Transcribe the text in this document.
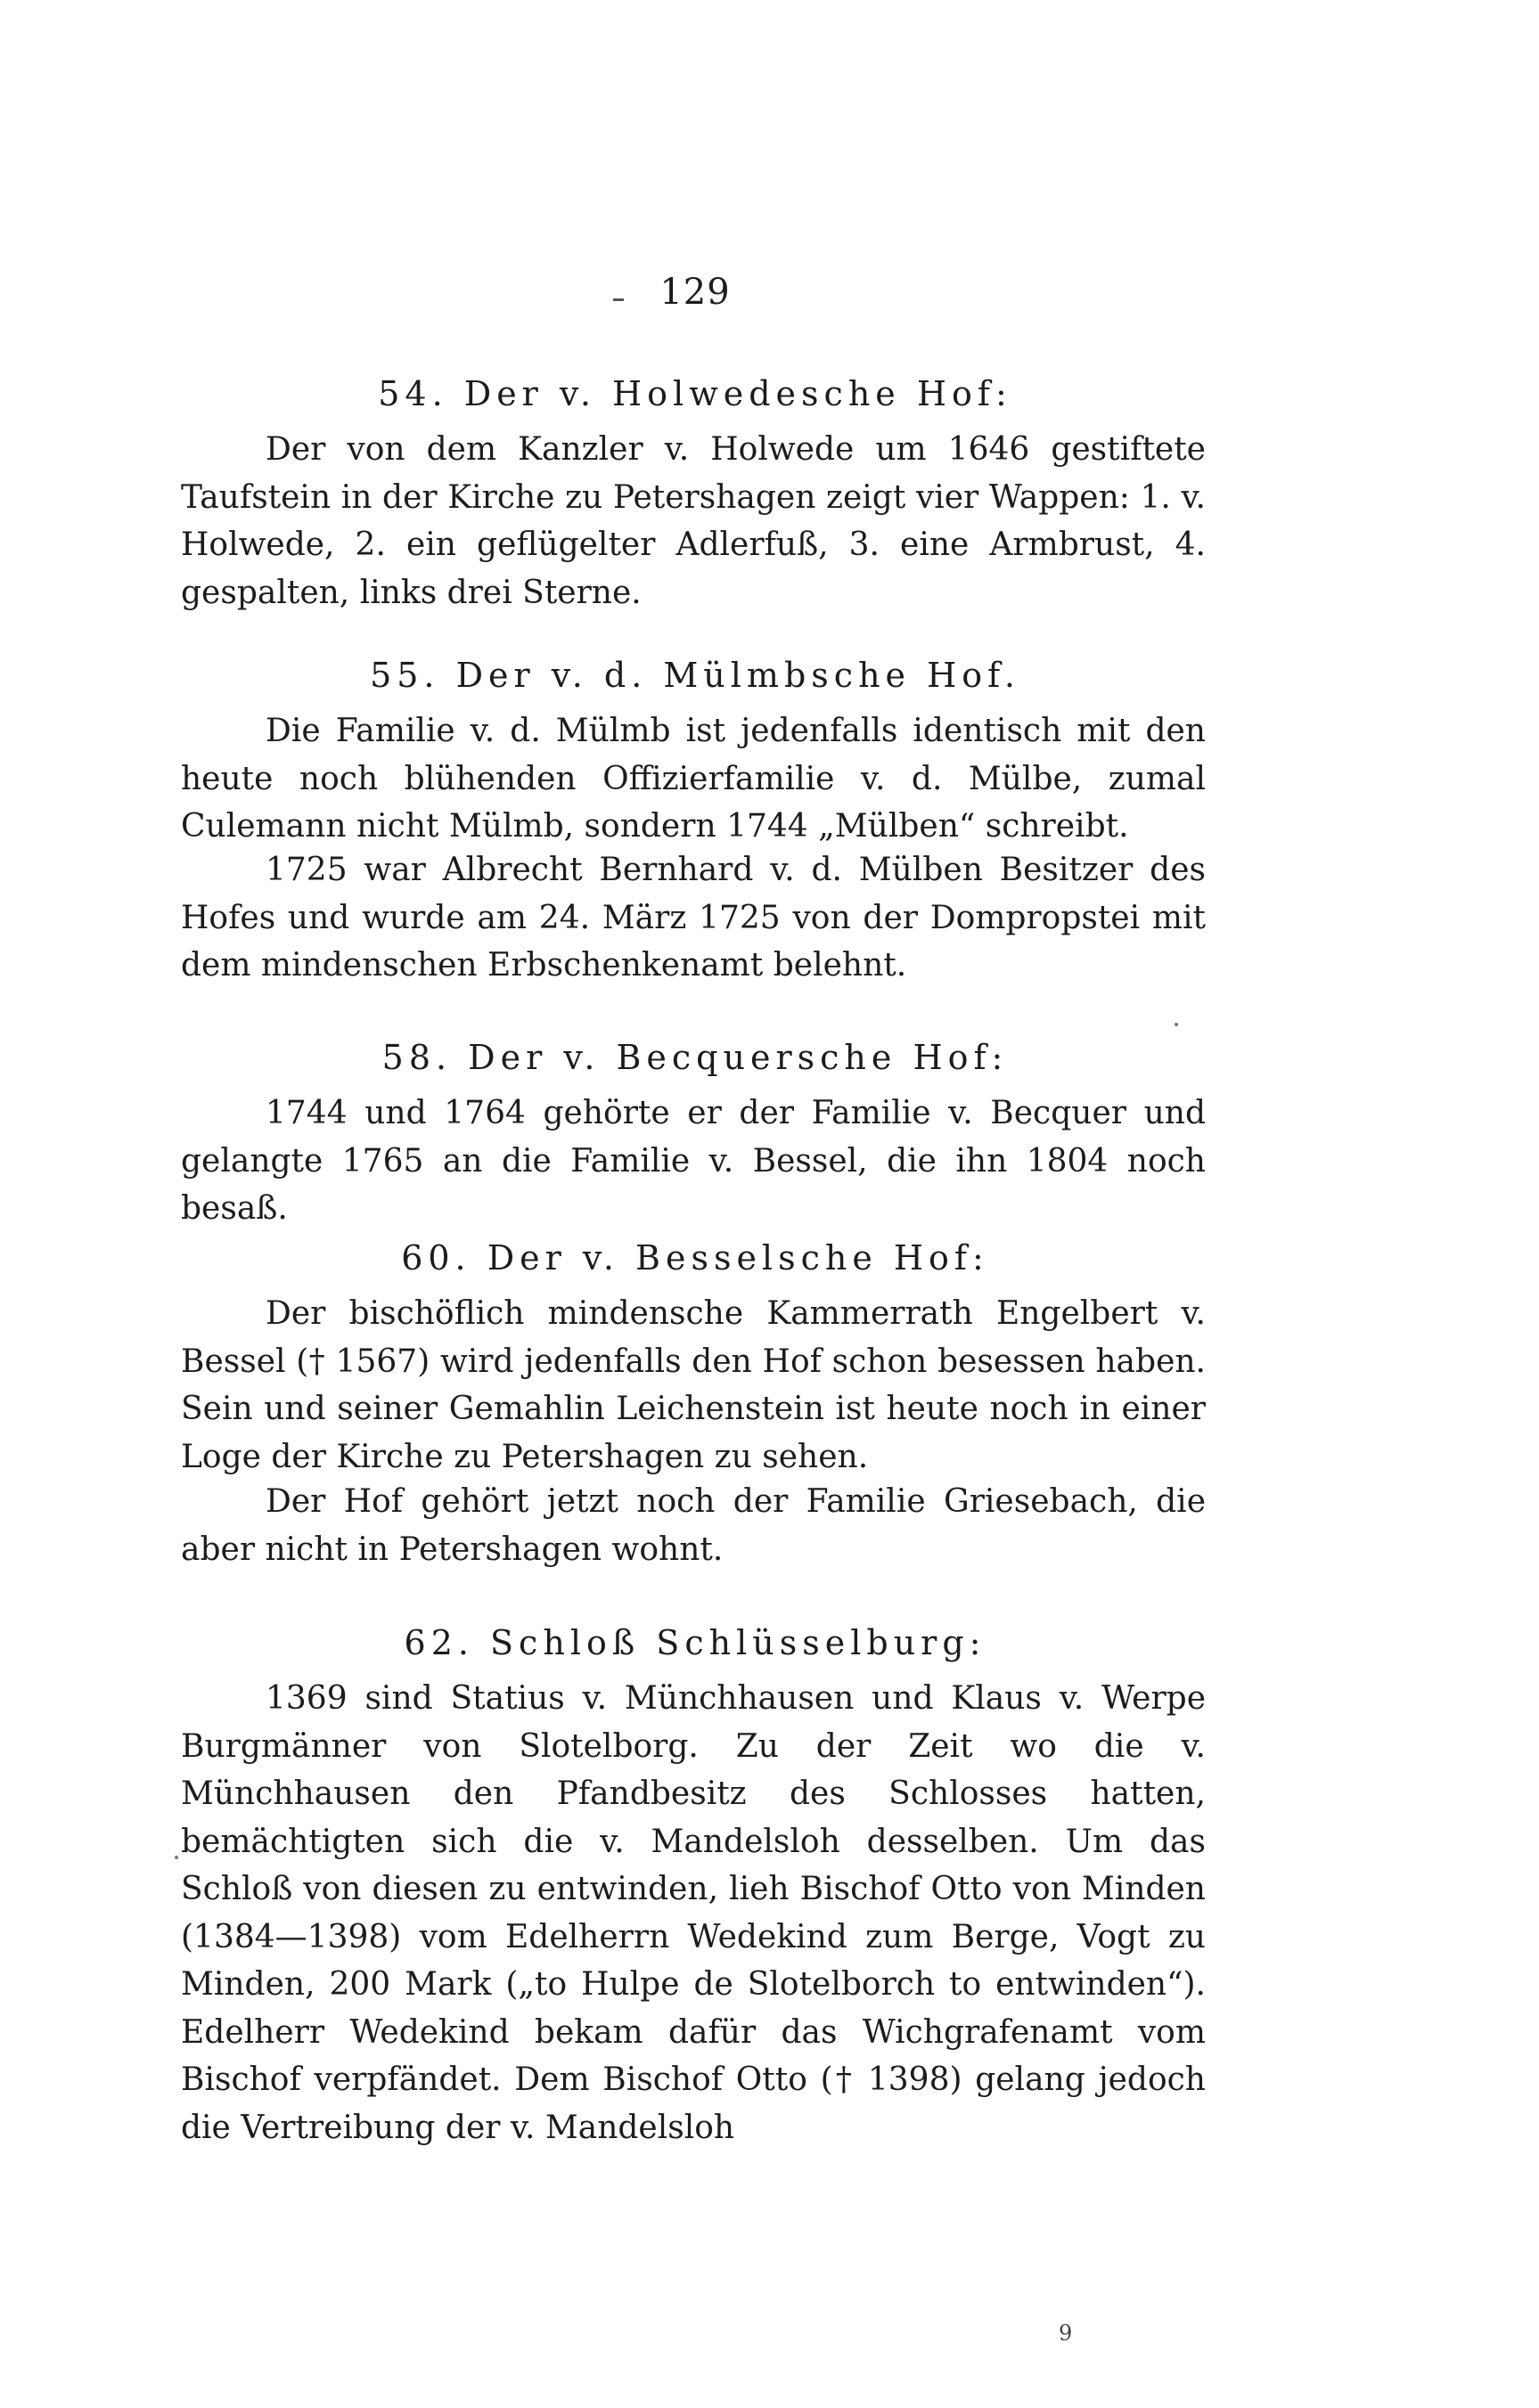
129
54. Der v. Holwedesche Hof:

Der von dem Kanzler v. Holwede um 1646 gestiftete Taufstein in der Kirche zu Petershagen zeigt vier Wappen: 1. v. Holwede, 2. ein geflügelter Adlerfuß, 3. eine Armbrust, 4. gespalten, links drei Sterne.

55. Der v. d. Mülmbsche Hof.

Die Familie v. d. Mülmb ist jedenfalls identisch mit den heute noch blühenden Offizierfamilie v. d. Mülbe, zumal Culemann nicht Mülmb, sondern 1744 „Mülben“ schreibt.

1725 war Albrecht Bernhard v. d. Mülben Besitzer des Hofes und wurde am 24. März 1725 von der Dompropstei mit dem mindenschen Erbschenkenamt belehnt.

58. Der v. Becquersche Hof:

1744 und 1764 gehörte er der Familie v. Becquer und gelangte 1765 an die Familie v. Bessel, die ihn 1804 noch besaß.

60. Der v. Besselsche Hof:

Der bischöflich mindensche Kammerrath Engelbert v. Bessel († 1567) wird jedenfalls den Hof schon besessen haben. Sein und seiner Gemahlin Leichenstein ist heute noch in einer Loge der Kirche zu Petershagen zu sehen.

Der Hof gehört jetzt noch der Familie Griesebach, die aber nicht in Petershagen wohnt.

62. Schloß Schlüsselburg:

1369 sind Statius v. Münchhausen und Klaus v. Werpe Burgmänner von Slotelborg. Zu der Zeit wo die v. Münchhausen den Pfandbesitz des Schlosses hatten, bemächtigten sich die v. Mandelsloh desselben. Um das Schloß von diesen zu entwinden, lieh Bischof Otto von Minden (1384—1398) vom Edelherrn Wedekind zum Berge, Vogt zu Minden, 200 Mark („to Hulpe de Slotelborch to entwinden“). Edelherr Wedekind bekam dafür das Wichgrafenamt vom Bischof verpfändet. Dem Bischof Otto († 1398) gelang jedoch die Vertreibung der v. Mandelsloh

9
